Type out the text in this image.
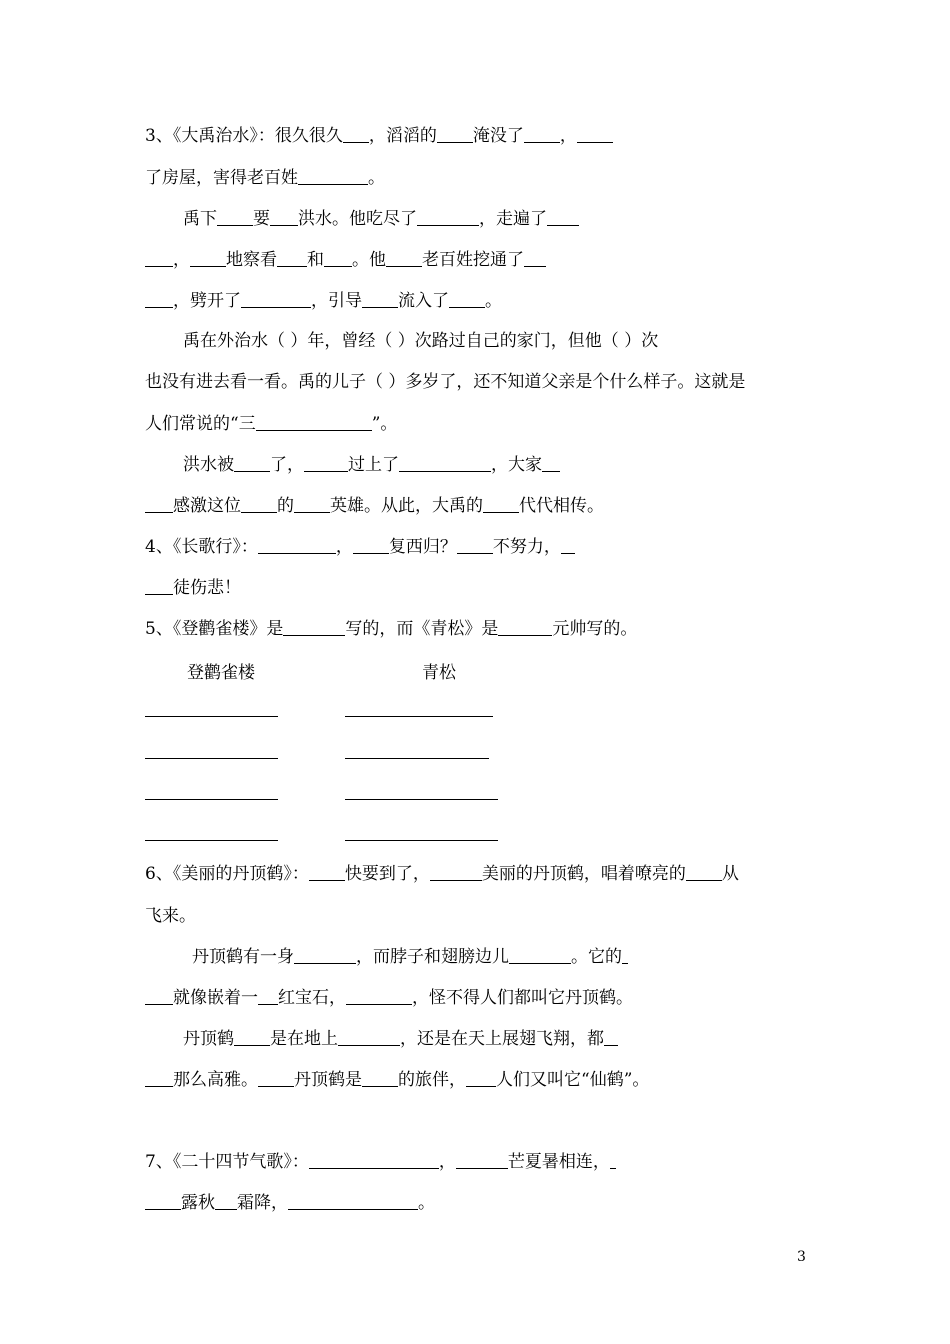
3、《大禹治水》：很久很久 ，滔滔的 淹没了 ，
了房屋，害得老百姓	。
禹下 要 洪水。他吃尽了	，走遍了
， 地察看 和 。他 老百姓挖通了
，劈开了	，引导 流入了 。
禹在外治水（ ）年，曾经（ ）次路过自己的家门，但他（ ）次
也没有进去看一看。禹的儿子（ ）多岁了，还不知道父亲是个什么样子。这就是
人们常说的“三	”。
洪水被 了，	过上了	，大家
感激这位 的 英雄。从此，大禹的 代代相传。
4、《长歌行》：	， 复西归？ 不努力，
徒伤悲！
5、《登鹳雀楼》是	写的，而《青松》是	元帅写的。
登鹳雀楼	青松
6、《美丽的丹顶鹤》： 快要到了，	美丽的丹顶鹤，唱着嘹亮的 从
飞来。
丹顶鹤有一身	，而脖子和翅膀边儿	。它的
就像嵌着一 红宝石，	，怪不得人们都叫它丹顶鹤。
丹顶鹤 是在地上	，还是在天上展翅飞翔，都
那么高雅。 丹顶鹤是 的旅伴， 人们又叫它“仙鹤”。
7、《二十四节气歌》：	，	芒夏暑相连，
露秋 霜降，	。
3
